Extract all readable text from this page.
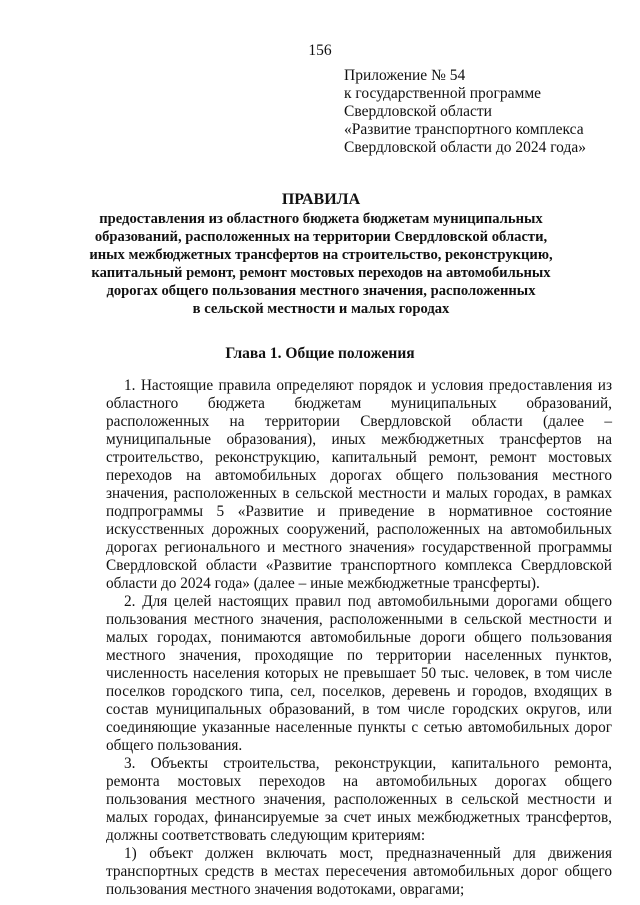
156
Приложение № 54
к государственной программе
Свердловской области
«Развитие транспортного комплекса
Свердловской области до 2024 года»
ПРАВИЛА
предоставления из областного бюджета бюджетам муниципальных
образований, расположенных на территории Свердловской области,
иных межбюджетных трансфертов на строительство, реконструкцию,
капитальный ремонт, ремонт мостовых переходов на автомобильных
дорогах общего пользования местного значения, расположенных
в сельской местности и малых городах
Глава 1. Общие положения

1. Настоящие правила определяют порядок и условия предоставления из областного бюджета бюджетам муниципальных образований, расположенных на территории Свердловской области (далее – муниципальные образования), иных межбюджетных трансфертов на строительство, реконструкцию, капитальный ремонт, ремонт мостовых переходов на автомобильных дорогах общего пользования местного значения, расположенных в сельской местности и малых городах, в рамках подпрограммы 5 «Развитие и приведение в нормативное состояние искусственных дорожных сооружений, расположенных на автомобильных дорогах регионального и местного значения» государственной программы Свердловской области «Развитие транспортного комплекса Свердловской области до 2024 года» (далее – иные межбюджетные трансферты).

2. Для целей настоящих правил под автомобильными дорогами общего пользования местного значения, расположенными в сельской местности и малых городах, понимаются автомобильные дороги общего пользования местного значения, проходящие по территории населенных пунктов, численность населения которых не превышает 50 тыс. человек, в том числе поселков городского типа, сел, поселков, деревень и городов, входящих в состав муниципальных образований, в том числе городских округов, или соединяющие указанные населенные пункты с сетью автомобильных дорог общего пользования.

3. Объекты строительства, реконструкции, капитального ремонта, ремонта мостовых переходов на автомобильных дорогах общего пользования местного значения, расположенных в сельской местности и малых городах, финансируемые за счет иных межбюджетных трансфертов, должны соответствовать следующим критериям:

1) объект должен включать мост, предназначенный для движения транспортных средств в местах пересечения автомобильных дорог общего пользования местного значения водотоками, оврагами;
